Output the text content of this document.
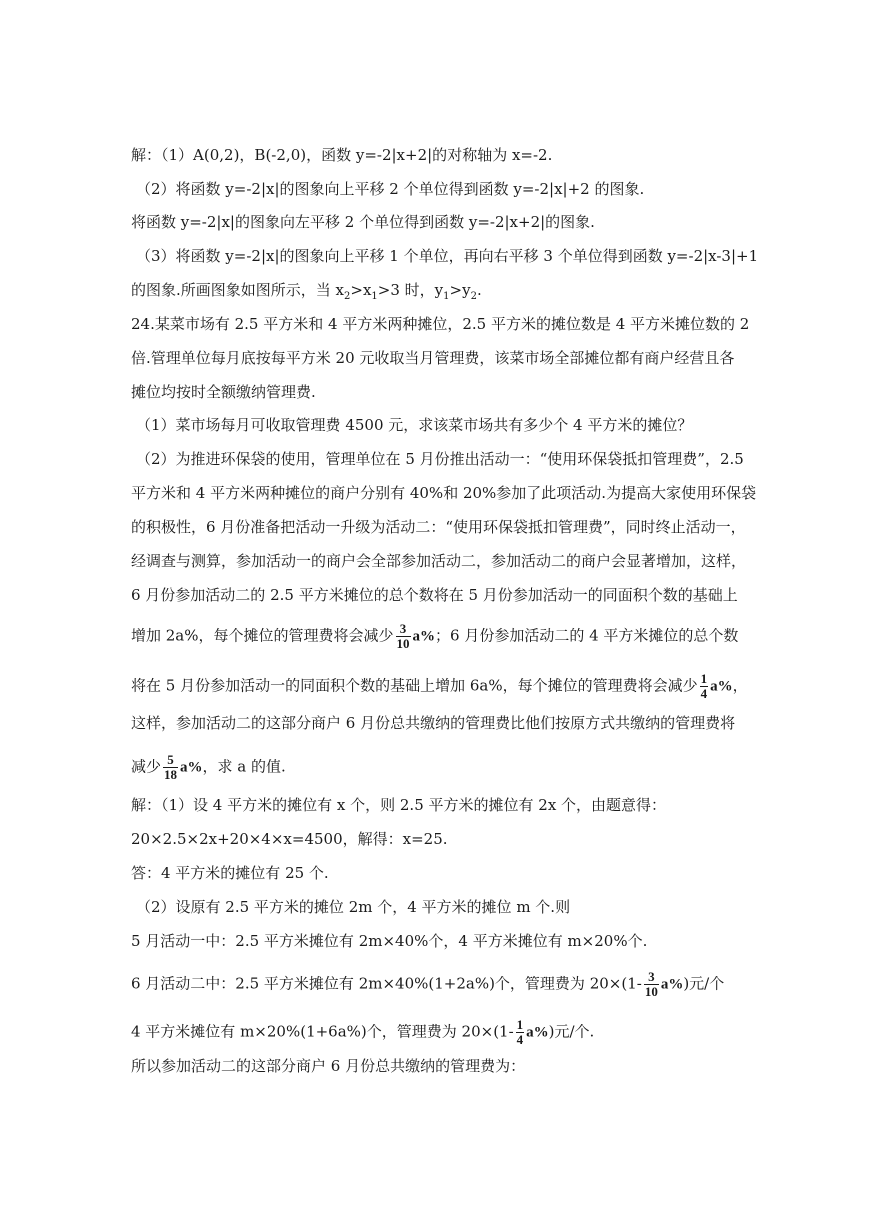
解：（1）A(0,2)，B(-2,0)，函数 y=-2|x+2|的对称轴为 x=-2.
（2）将函数 y=-2|x|的图象向上平移 2 个单位得到函数 y=-2|x|+2 的图象.
将函数 y=-2|x|的图象向左平移 2 个单位得到函数 y=-2|x+2|的图象.
（3）将函数 y=-2|x|的图象向上平移 1 个单位，再向右平移 3 个单位得到函数 y=-2|x-3|+1
的图象.所画图象如图所示，当 $x_2>x_1>3$ 时，$y_1>y_2$.
24.某菜市场有 2.5 平方米和 4 平方米两种摊位，2.5 平方米的摊位数是 4 平方米摊位数的 2
倍.管理单位每月底按每平方米 20 元收取当月管理费，该菜市场全部摊位都有商户经营且各
摊位均按时全额缴纳管理费.
（1）菜市场每月可收取管理费 4500 元，求该菜市场共有多少个 4 平方米的摊位？
（2）为推进环保袋的使用，管理单位在 5 月份推出活动一：“使用环保袋抵扣管理费”，2.5
平方米和 4 平方米两种摊位的商户分别有 40%和 20%参加了此项活动.为提高大家使用环保袋
的积极性，6 月份准备把活动一升级为活动二：“使用环保袋抵扣管理费”，同时终止活动一，
经调查与测算，参加活动一的商户会全部参加活动二，参加活动二的商户会显著增加，这样，
6 月份参加活动二的 2.5 平方米摊位的总个数将在 5 月份参加活动一的同面积个数的基础上
增加 2a%，每个摊位的管理费将会减少 $\frac{3}{10} a\%$；6 月份参加活动二的 4 平方米摊位的总个数
将在 5 月份参加活动一的同面积个数的基础上增加 6a%，每个摊位的管理费将会减少 $\frac{1}{4} a\%$，
这样，参加活动二的这部分商户 6 月份总共缴纳的管理费比他们按原方式共缴纳的管理费将
减少 $\frac{5}{18} a\%$，求 a 的值.
解：（1）设 4 平方米的摊位有 x 个，则 2.5 平方米的摊位有 2x 个，由题意得：
20×2.5×2x+20×4×x=4500，解得：x=25.
答：4 平方米的摊位有 25 个.
（2）设原有 2.5 平方米的摊位 2m 个，4 平方米的摊位 m 个.则
5 月活动一中：2.5 平方米摊位有 2m×40%个，4 平方米摊位有 m×20%个.
6 月活动二中：2.5 平方米摊位有 2m×40%(1+2a%)个，管理费为 $20\times(1- \frac{3}{10} a\%)$元/个
4 平方米摊位有 m×20%(1+6a%)个，管理费为 $20\times(1- \frac{1}{4} a\%)$元/个.
所以参加活动二的这部分商户 6 月份总共缴纳的管理费为：
